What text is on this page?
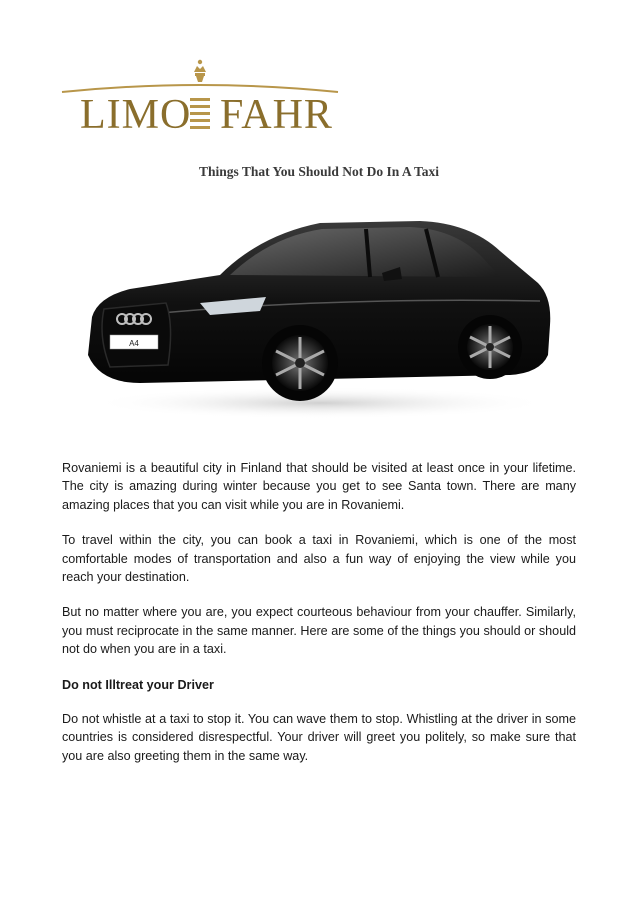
LIMO FAHR
Things That You Should Not Do In A Taxi
A4

Rovaniemi is a beautiful city in Finland that should be visited at least once in your lifetime. The city is amazing during winter because you get to see Santa town. There are many amazing places that you can visit while you are in Rovaniemi.

To travel within the city, you can book a taxi in Rovaniemi, which is one of the most comfortable modes of transportation and also a fun way of enjoying the view while you reach your destination.

But no matter where you are, you expect courteous behaviour from your chauffer. Similarly, you must reciprocate in the same manner. Here are some of the things you should or should not do when you are in a taxi.

Do not Illtreat your Driver

Do not whistle at a taxi to stop it. You can wave them to stop. Whistling at the driver in some countries is considered disrespectful. Your driver will greet you politely, so make sure that you are also greeting them in the same way.
